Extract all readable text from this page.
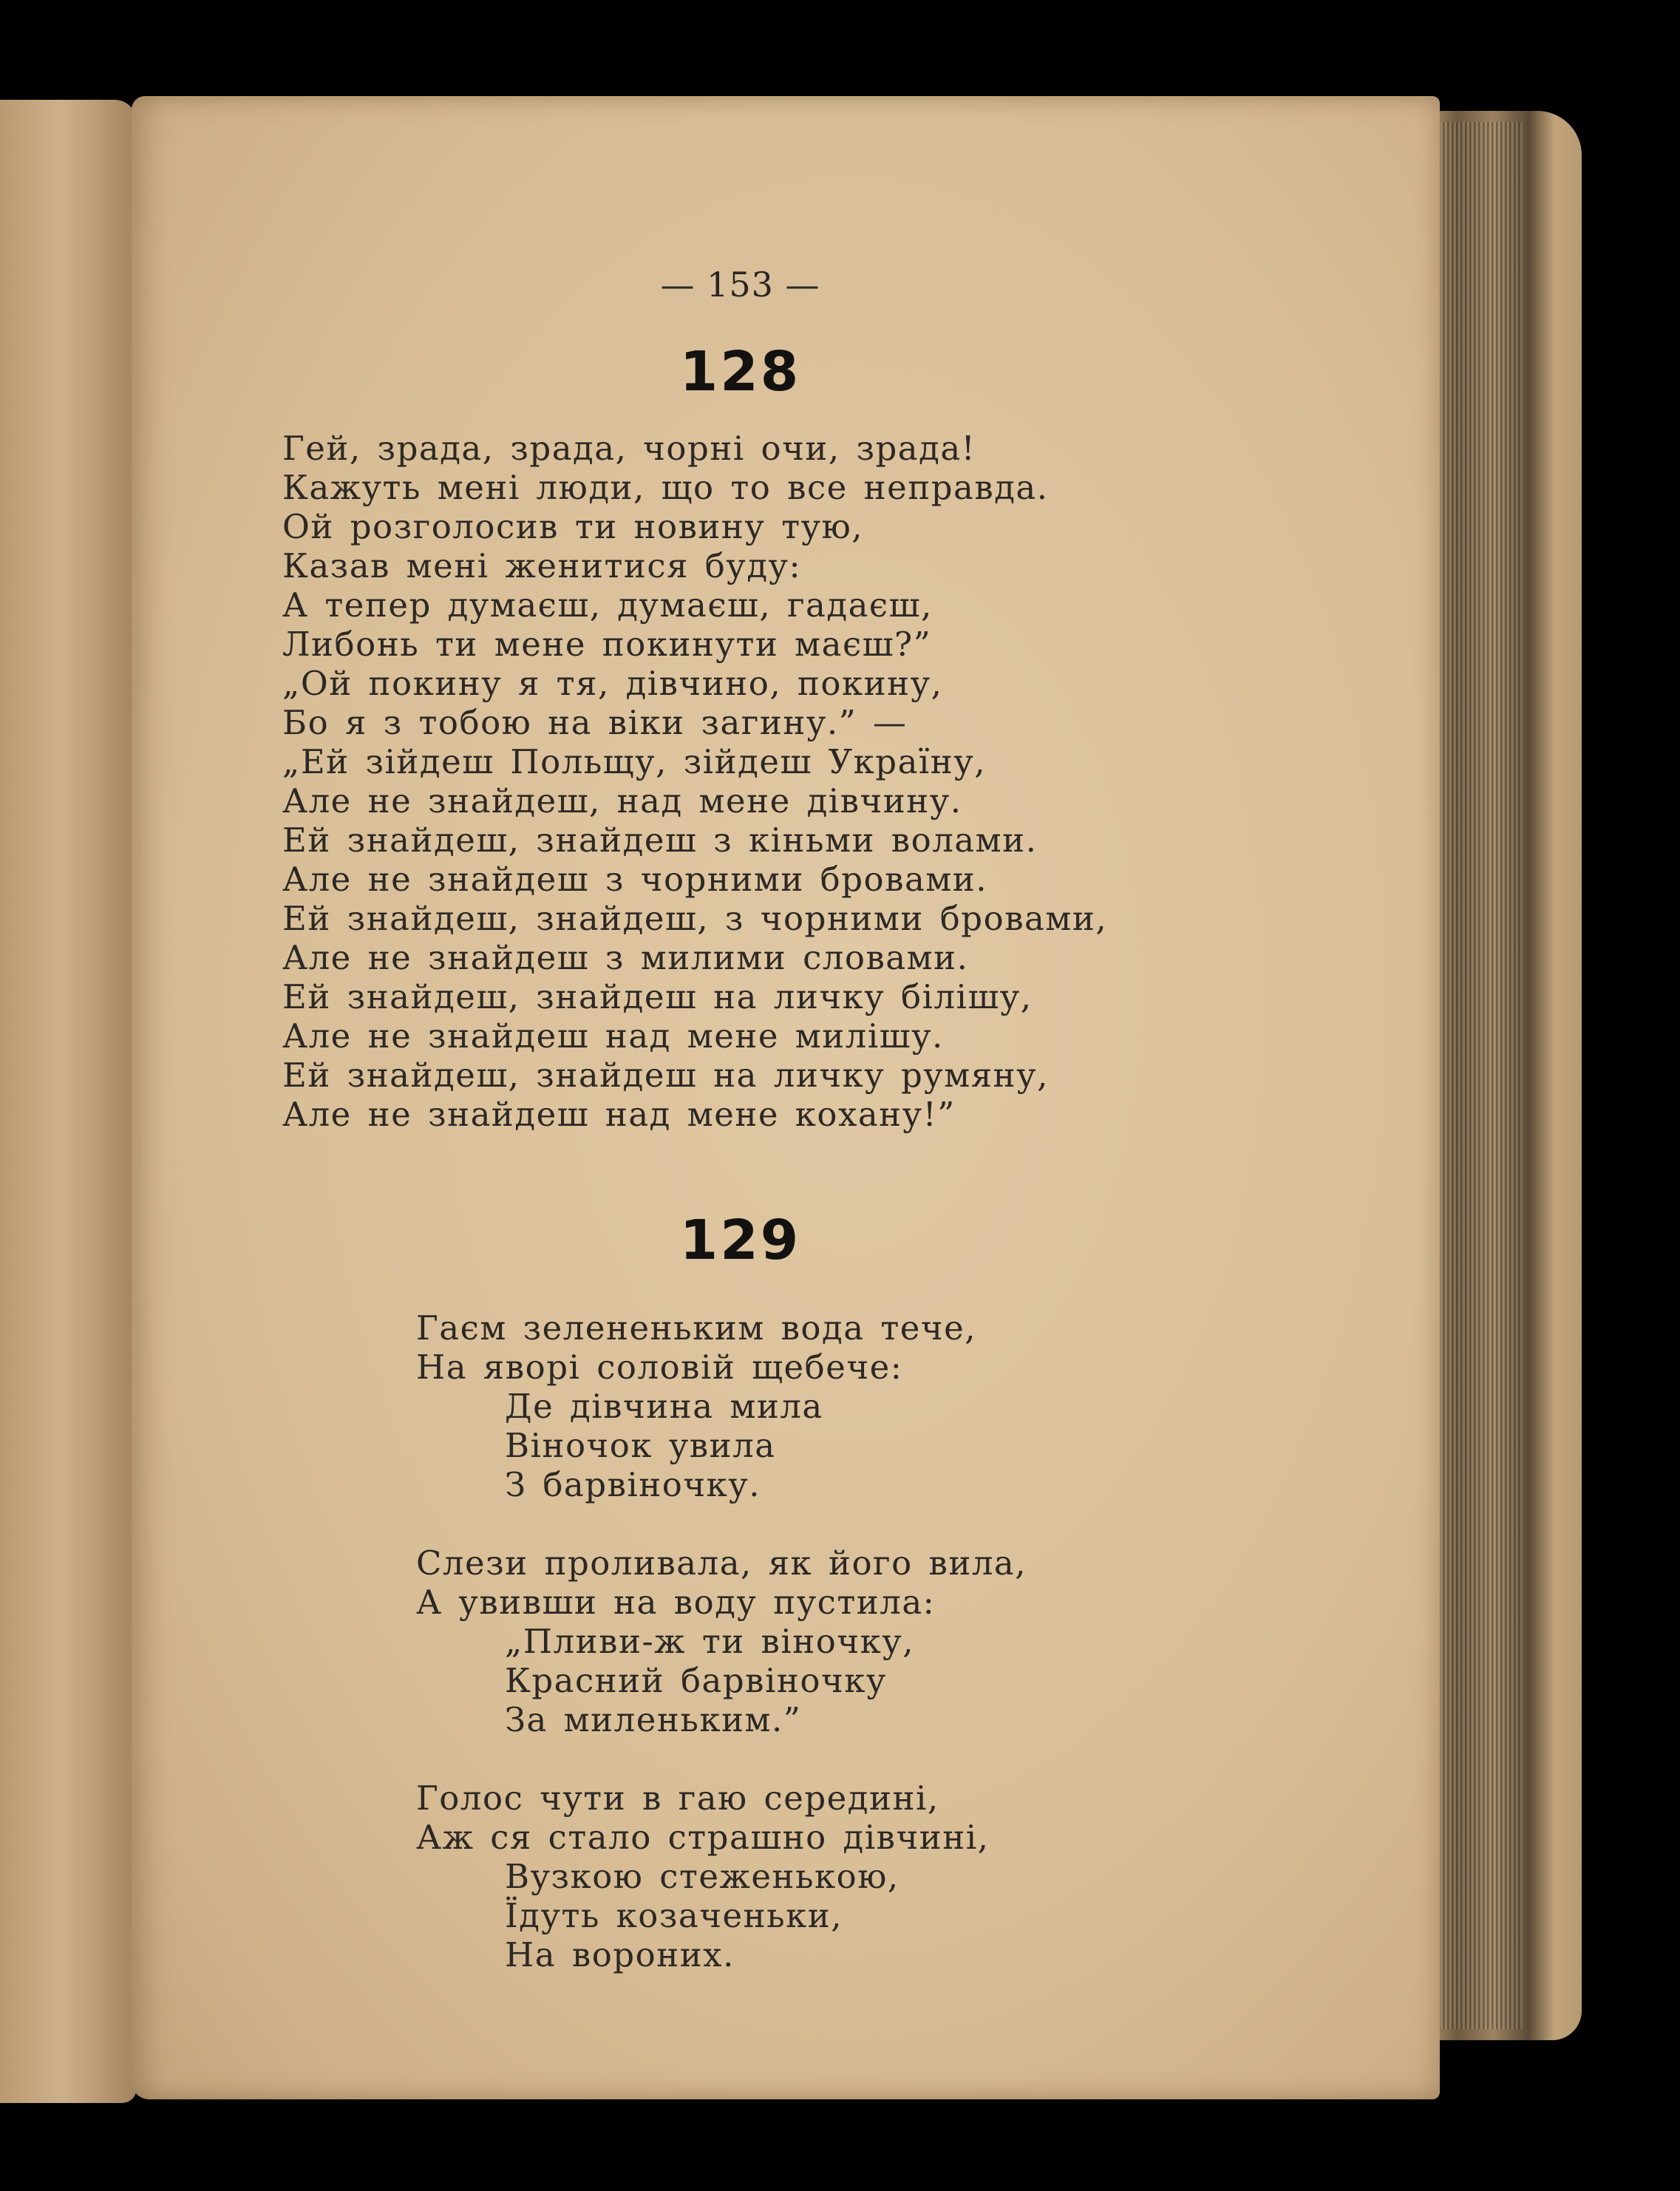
— 153 —
128
Гей, зрада, зрада, чорні очи, зрада!
Кажуть мені люди, що то все неправда.
Ой розголосив ти новину тую,
Казав мені женитися буду:
А тепер думаєш, думаєш, гадаєш,
Либонь ти мене покинути маєш?”
„Ой покину я тя, дівчино, покину,
Бо я з тобою на віки загину.” —
„Ей зійдеш Польщу, зійдеш Україну,
Але не знайдеш, над мене дівчину.
Ей знайдеш, знайдеш з кіньми волами.
Але не знайдеш з чорними бровами.
Ей знайдеш, знайдеш, з чорними бровами,
Але не знайдеш з милими словами.
Ей знайдеш, знайдеш на личку білішу,
Але не знайдеш над мене милішу.
Ей знайдеш, знайдеш на личку румяну,
Але не знайдеш над мене кохану!”
129
Гаєм зелененьким вода тече,
На яворі соловій щебече:
Де дівчина мила
Віночок увила
З барвіночку.
Слези проливала, як його вила,
А увивши на воду пустила:
„Пливи-ж ти віночку,
Красний барвіночку
За миленьким.”
Голос чути в гаю середині,
Аж ся стало страшно дівчині,
Вузкою стеженькою,
Їдуть козаченьки,
На вороних.
